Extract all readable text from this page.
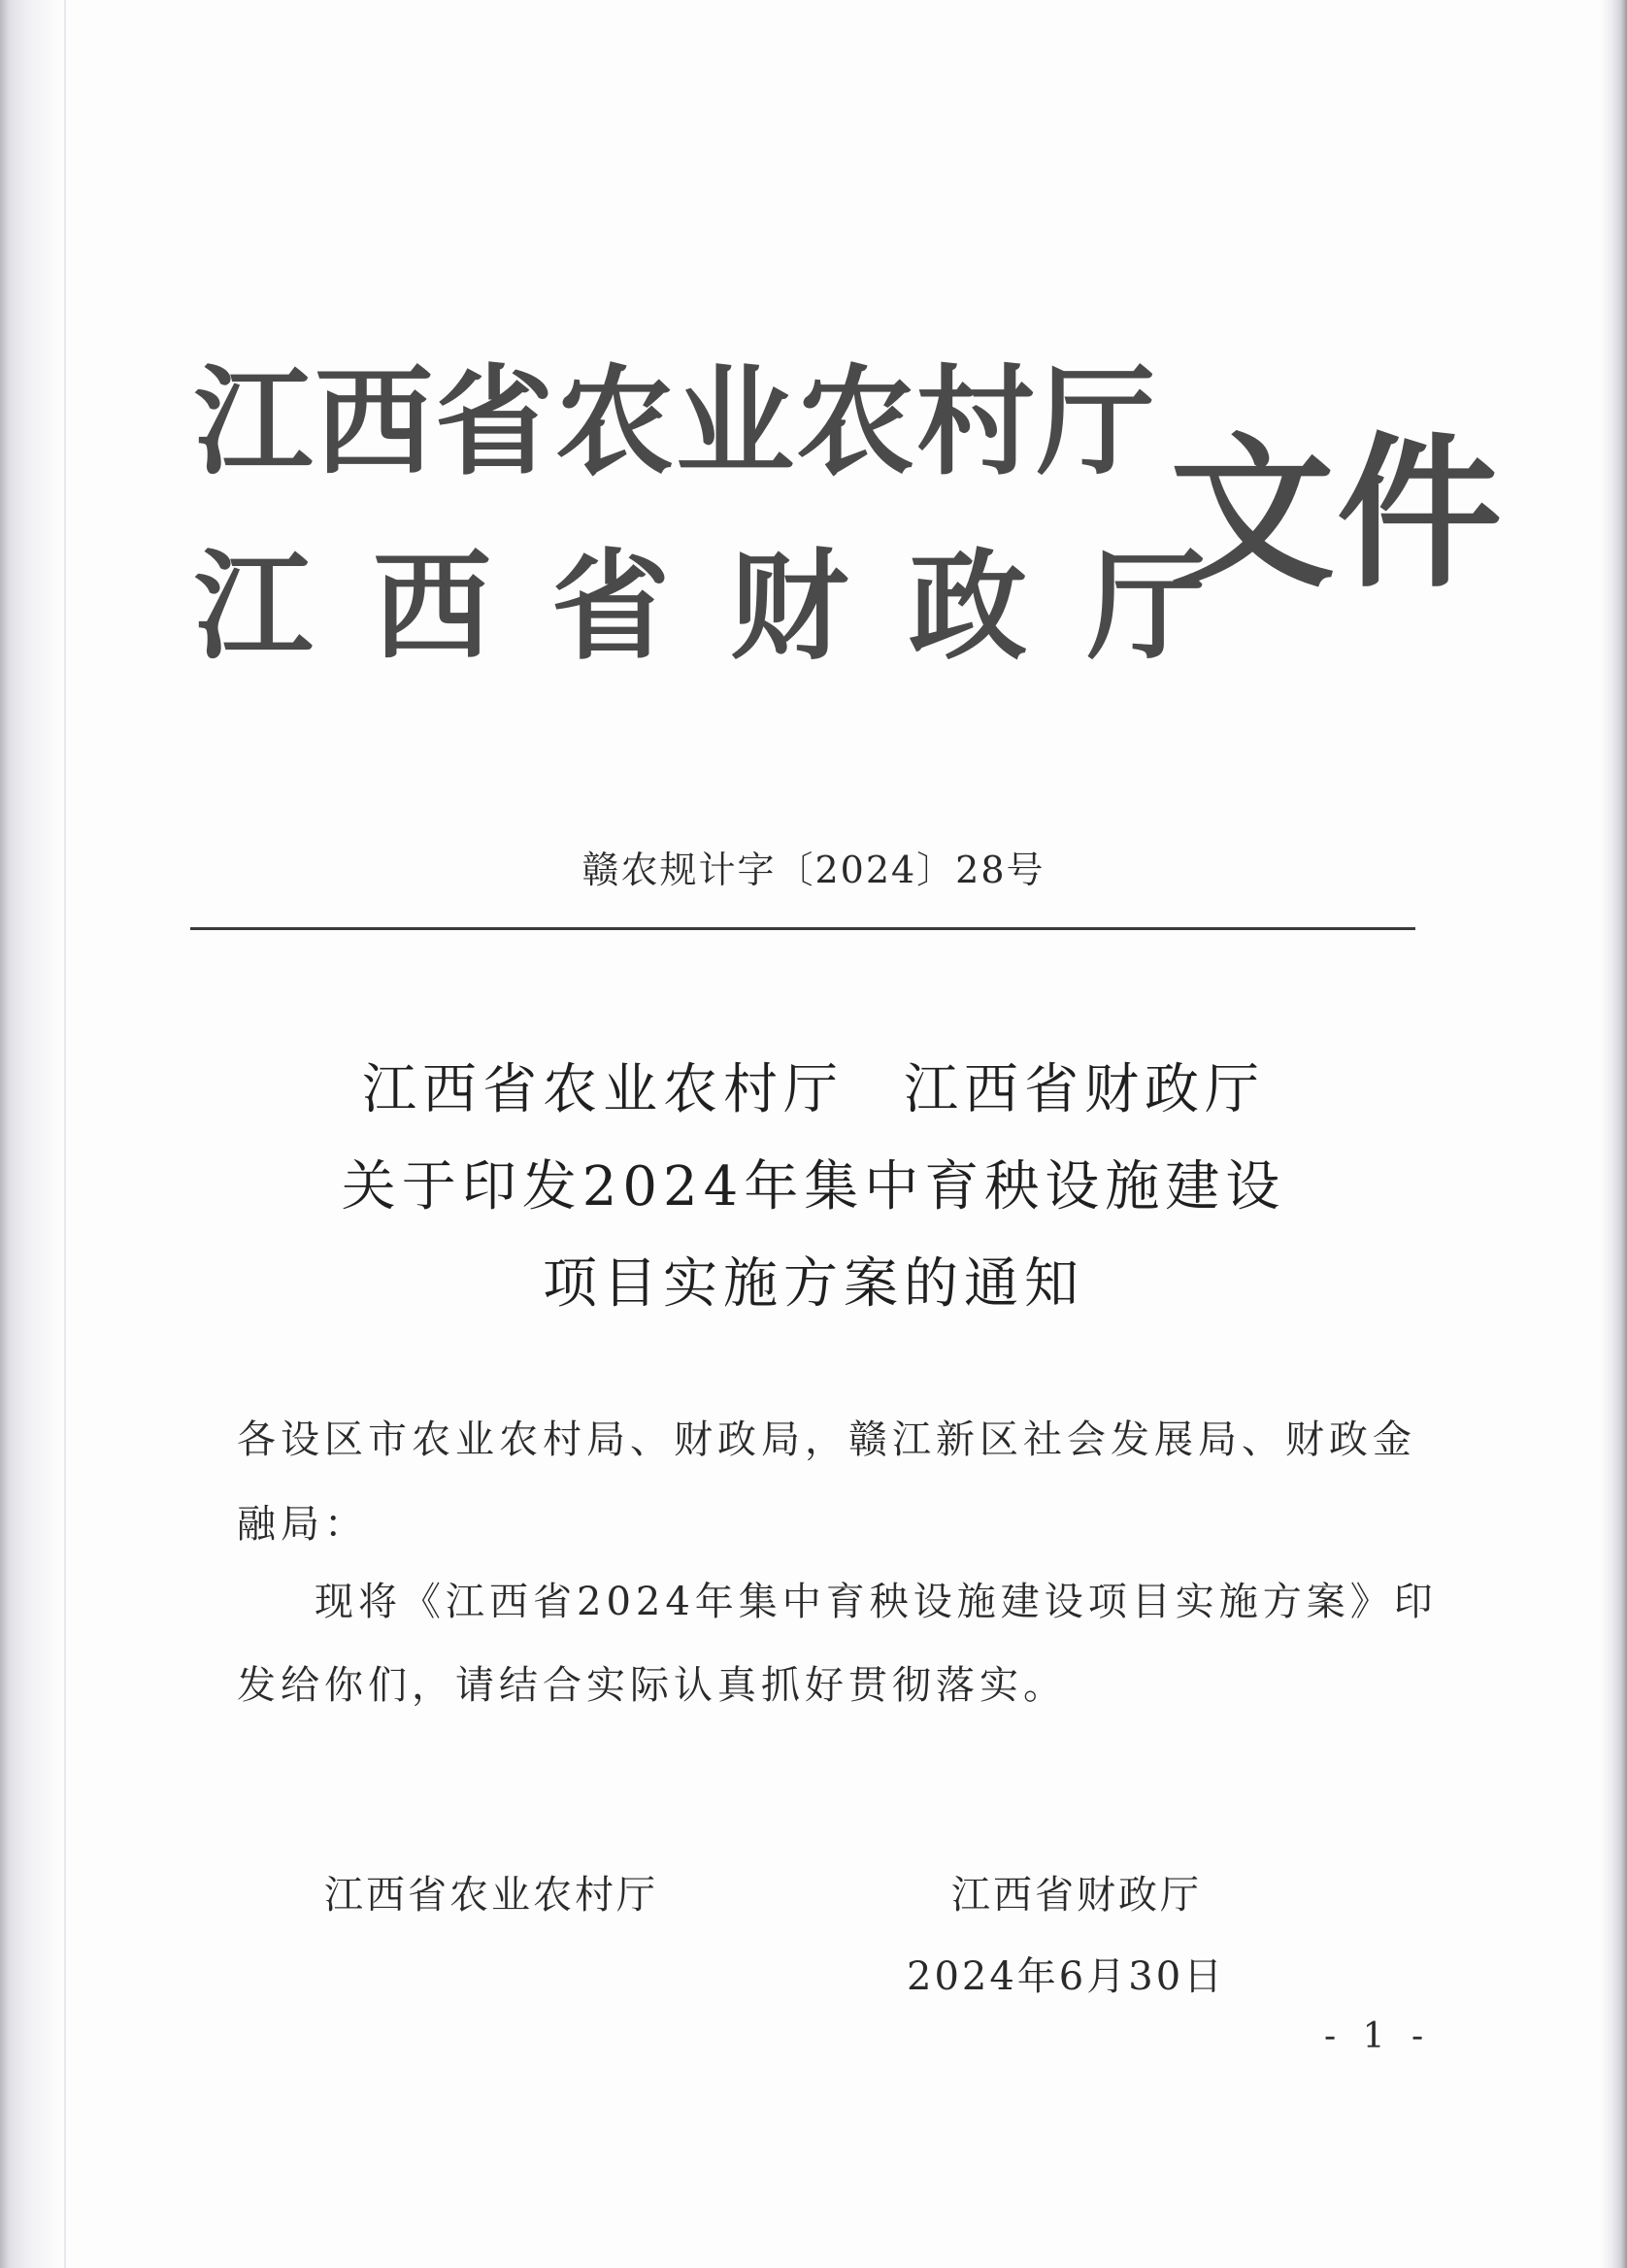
江西省农业农村厅
江西省财政厅
文件
赣农规计字〔2024〕28号
江西省农业农村厅　江西省财政厅
关于印发2024年集中育秧设施建设
项目实施方案的通知
各设区市农业农村局、财政局，赣江新区社会发展局、财政金
融局：
现将《江西省2024年集中育秧设施建设项目实施方案》印
发给你们，请结合实际认真抓好贯彻落实。
江西省农业农村厅	江西省财政厅
2024年6月30日
- 1 -
